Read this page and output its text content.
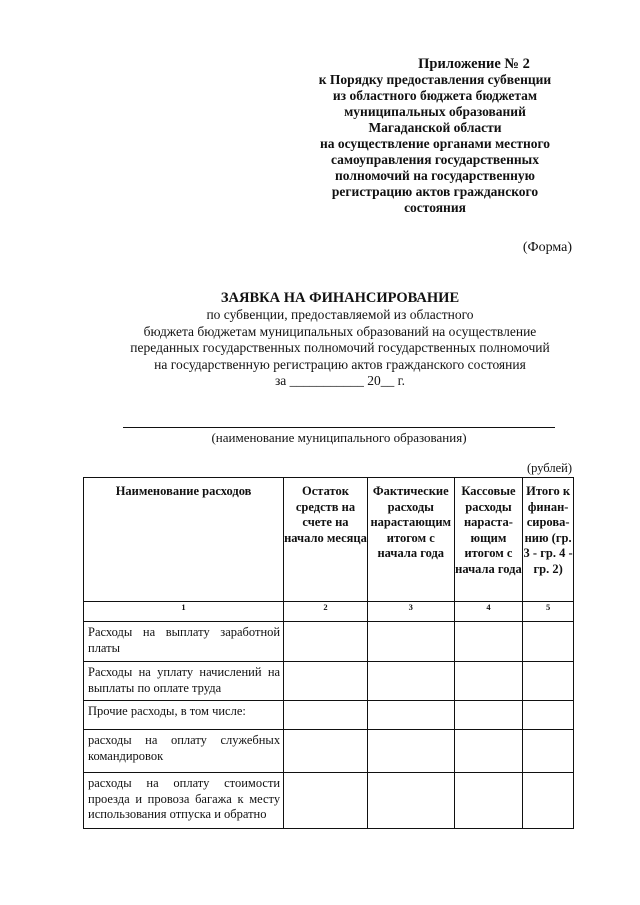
Приложение № 2
к Порядку предоставления субвенции
из областного бюджета бюджетам
муниципальных образований
Магаданской области
на осуществление органами местного
самоуправления государственных
полномочий на государственную
регистрацию актов гражданского
состояния
(Форма)
ЗАЯВКА НА ФИНАНСИРОВАНИЕ
по субвенции, предоставляемой из областного
бюджета бюджетам муниципальных образований на осуществление
переданных государственных полномочий государственных полномочий
на государственную регистрацию актов гражданского состояния
за ___________ 20__ г.
(наименование муниципального образования)
(рублей)
Наименование расходов	Остаток средств на счете на начало месяца	Фактические расходы нарастающим итогом с начала года	Кассовые расходы нараста- ющим итогом с начала года	Итого к финан- сирова- нию (гр. 3 - гр. 4 - гр. 2)
1	2	3	4	5
Расходы на выплату заработной платы				
Расходы на уплату начислений на выплаты по оплате труда				
Прочие расходы, в том числе:				
расходы на оплату служебных командировок				
расходы на оплату стоимости проезда и провоза багажа к месту использования отпуска и обратно				
